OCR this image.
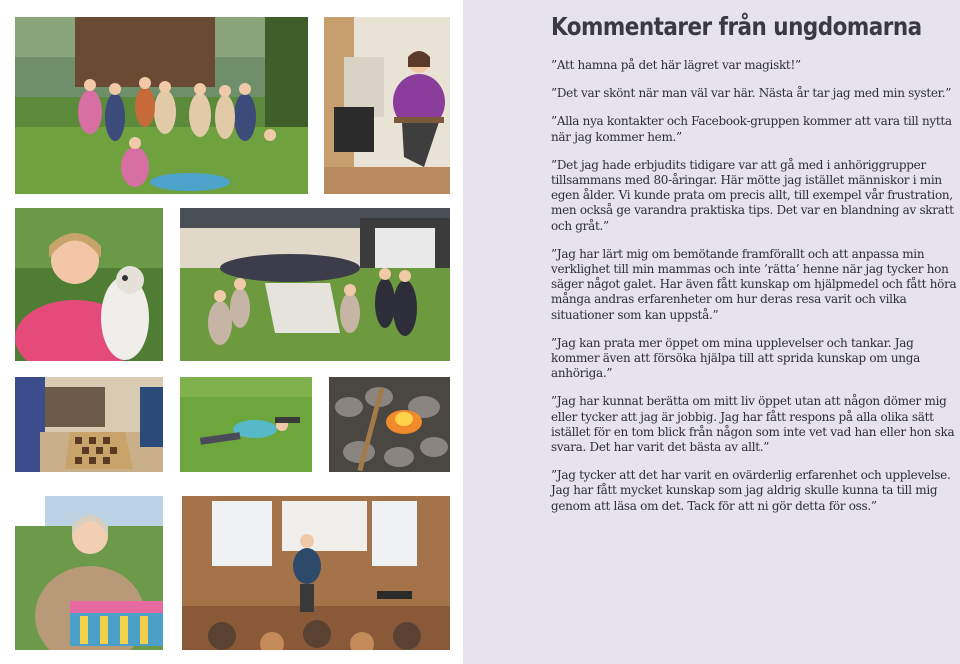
Kommentarer från ungdomarna

”Att hamna på det här lägret var magiskt!”

”Det var skönt när man väl var här. Nästa år tar jag med min syster.”

”Alla nya kontakter och Facebook-gruppen kommer att vara till nytta när jag kommer hem.”

”Det jag hade erbjudits tidigare var att gå med i anhöriggrupper tillsammans med 80-åringar. Här mötte jag istället människor i min egen ålder. Vi kunde prata om precis allt, till exempel vår frustration, men också ge varandra praktiska tips. Det var en blandning av skratt och gråt.”

”Jag har lärt mig om bemötande framförallt och att anpassa min verklighet till min mammas och inte ’rätta’ henne när jag tycker hon säger något galet. Har även fått kunskap om hjälpmedel och fått höra många andras erfarenheter om hur deras resa varit och vilka situationer som kan uppstå.”

”Jag kan prata mer öppet om mina upplevelser och tankar. Jag kommer även att försöka hjälpa till att sprida kunskap om unga anhöriga.”

”Jag har kunnat berätta om mitt liv öppet utan att någon dömer mig eller tycker att jag är jobbig. Jag har fått respons på alla olika sätt istället för en tom blick från någon som inte vet vad han eller hon ska svara. Det har varit det bästa av allt.”

”Jag tycker att det har varit en ovärderlig erfarenhet och upplevelse. Jag har fått mycket kunskap som jag aldrig skulle kunna ta till mig genom att läsa om det. Tack för att ni gör detta för oss.”
